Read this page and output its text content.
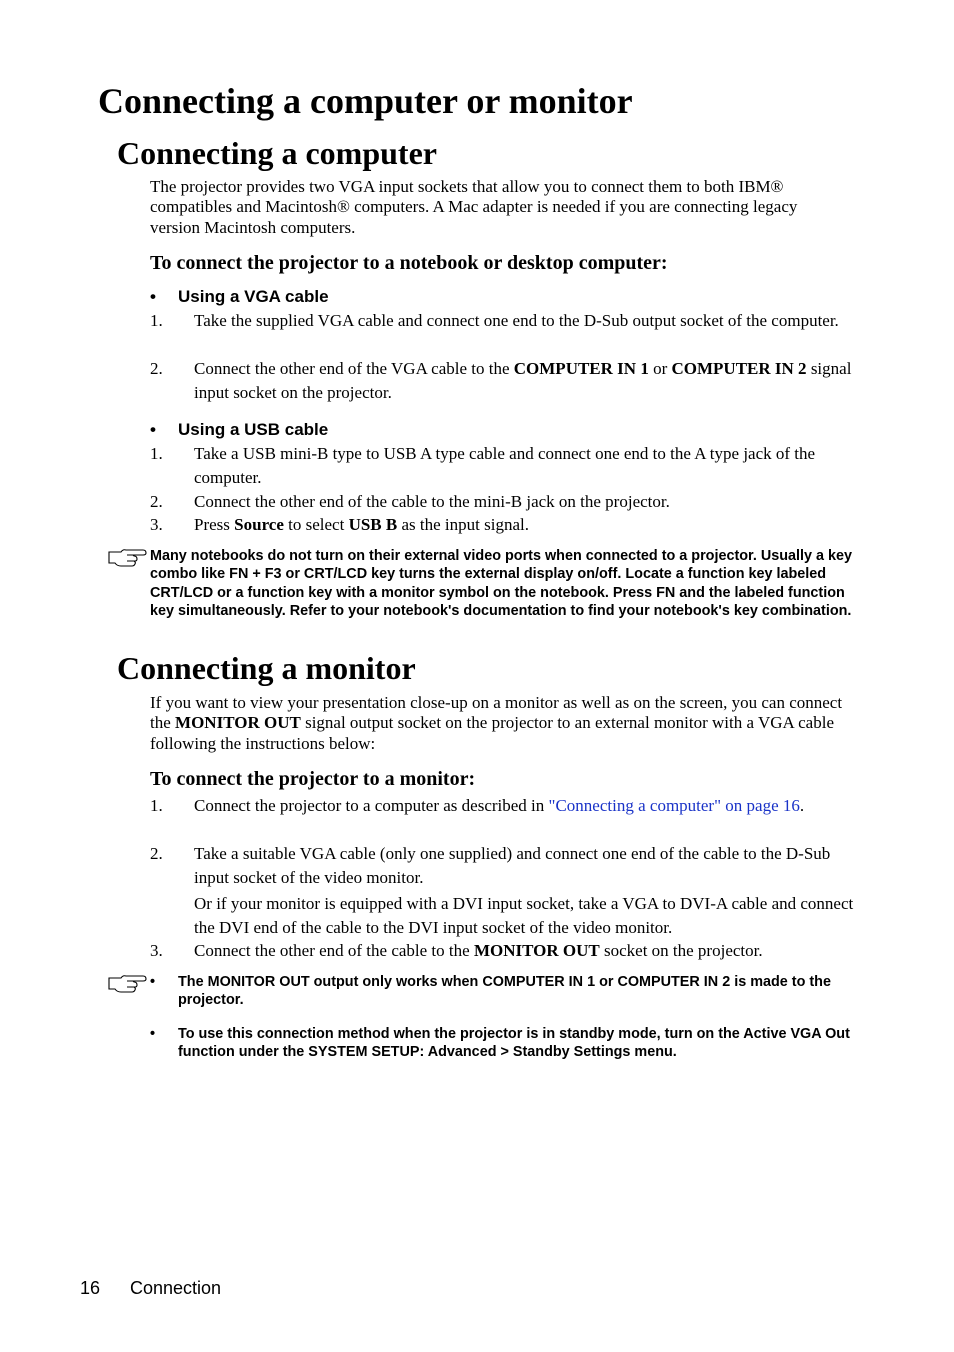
Connecting a computer or monitor
Connecting a computer

The projector provides two VGA input sockets that allow you to connect them to both IBM® compatibles and Macintosh® computers. A Mac adapter is needed if you are connecting legacy version Macintosh computers.

To connect the projector to a notebook or desktop computer:
• Using a VGA cable
1. Take the supplied VGA cable and connect one end to the D-Sub output socket of the computer.
2. Connect the other end of the VGA cable to the COMPUTER IN 1 or COMPUTER IN 2 signal input socket on the projector.
• Using a USB cable
1. Take a USB mini-B type to USB A type cable and connect one end to the A type jack of the computer.
2. Connect the other end of the cable to the mini-B jack on the projector.
3. Press Source to select USB B as the input signal.
Many notebooks do not turn on their external video ports when connected to a projector. Usually a key combo like FN + F3 or CRT/LCD key turns the external display on/off. Locate a function key labeled CRT/LCD or a function key with a monitor symbol on the notebook. Press FN and the labeled function key simultaneously. Refer to your notebook's documentation to find your notebook's key combination.
Connecting a monitor

If you want to view your presentation close-up on a monitor as well as on the screen, you can connect the MONITOR OUT signal output socket on the projector to an external monitor with a VGA cable following the instructions below:

To connect the projector to a monitor:
1. Connect the projector to a computer as described in "Connecting a computer" on page 16.
2. Take a suitable VGA cable (only one supplied) and connect one end of the cable to the D-Sub input socket of the video monitor.
Or if your monitor is equipped with a DVI input socket, take a VGA to DVI-A cable and connect the DVI end of the cable to the DVI input socket of the video monitor.
3. Connect the other end of the cable to the MONITOR OUT socket on the projector.
• The MONITOR OUT output only works when COMPUTER IN 1 or COMPUTER IN 2 is made to the projector.
• To use this connection method when the projector is in standby mode, turn on the Active VGA Out function under the SYSTEM SETUP: Advanced > Standby Settings menu.
16 Connection
